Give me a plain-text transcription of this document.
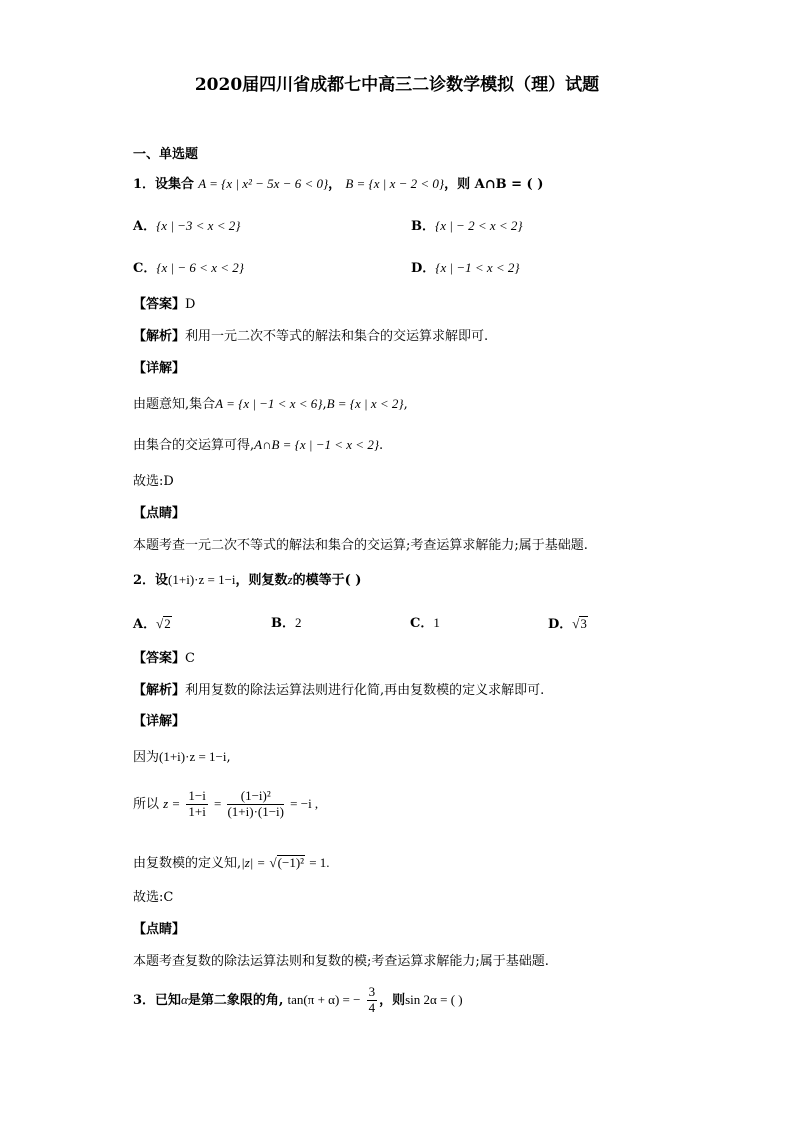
2020届四川省成都七中高三二诊数学模拟（理）试题
一、单选题
1．设集合 A = {x | x² − 5x − 6 < 0}， B = {x | x − 2 < 0}，则 A∩B = ( )
A．{x | −3 < x < 2}	B．{x | − 2 < x < 2}
C．{x | − 6 < x < 2}	D．{x | −1 < x < 2}
【答案】D
【解析】利用一元二次不等式的解法和集合的交运算求解即可.
【详解】
由题意知,集合A = {x | −1 < x < 6},B = {x | x < 2},
由集合的交运算可得,A∩B = {x | −1 < x < 2}.
故选:D
【点睛】
本题考查一元二次不等式的解法和集合的交运算;考查运算求解能力;属于基础题.
2．设(1+i)·z = 1−i，则复数z的模等于( )
A．√2	B．2	C．1	D．√3
【答案】C
【解析】利用复数的除法运算法则进行化简,再由复数模的定义求解即可.
【详解】
因为(1+i)·z = 1−i,
所以 $z = \frac{1-i}{1+i} = \frac{\text{(1−i)²}}{(1+i)\cdot(1-i)} = -i$ ,
由复数模的定义知,|z| = √(−1)² = 1.
故选:C
【点睛】
本题考查复数的除法运算法则和复数的模;考查运算求解能力;属于基础题.
3．已知α是第二象限的角, tan(π + α) = − $\frac{3}{4}$ ，则sin 2α = ( )
